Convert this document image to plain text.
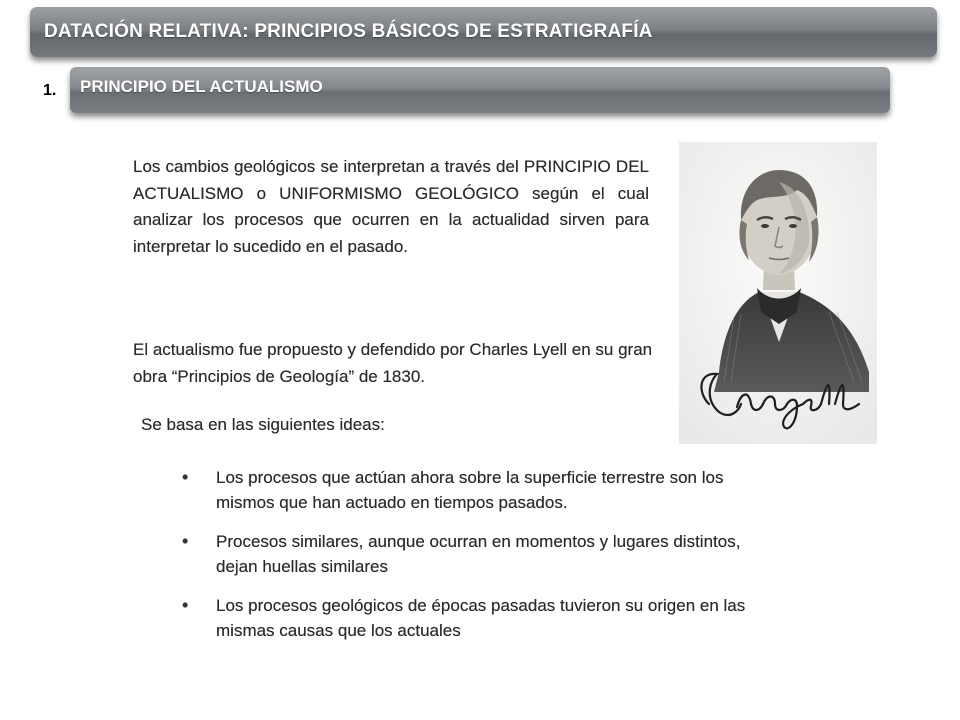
DATACIÓN RELATIVA: PRINCIPIOS BÁSICOS DE ESTRATIGRAFÍA
1.	PRINCIPIO DEL ACTUALISMO
Los cambios geológicos se interpretan a través del PRINCIPIO DEL ACTUALISMO o UNIFORMISMO GEOLÓGICO según el cual analizar los procesos que ocurren en la actualidad sirven para interpretar lo sucedido en el pasado.
El actualismo fue propuesto y defendido por Charles Lyell en su gran obra “Principios de Geología” de 1830.
Se basa en las siguientes ideas:
• Los procesos que actúan ahora sobre la superficie terrestre son los mismos que han actuado en tiempos pasados.
• Procesos similares, aunque ocurran en momentos y lugares distintos, dejan huellas similares
• Los procesos geológicos de épocas pasadas tuvieron su origen en las mismas causas que los actuales
